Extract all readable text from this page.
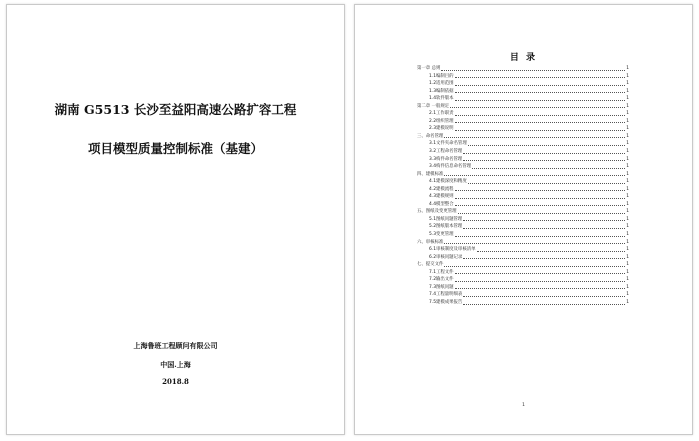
湖南 G5513 长沙至益阳高速公路扩容工程
项目模型质量控制标准（基建）
上海鲁班工程顾问有限公司
中国.上海
2018.8
目 录
第一章 总则	1
1.1编制目的	1
1.2适用范围	1
1.3编制依据	1
1.4软件版本	1
第二章 一般规定	1
2.1工作职责	1
2.2组织管理	1
2.3建模说明	1
三、命名管理	1
3.1文件夹命名管理	1
3.2工程命名管理	1
3.3构件命名管理	1
3.4构件信息命名管理	1
四、建模标准	1
4.1建模深度和精度	1
4.2建模流程	1
4.3建模规则	1
4.4模型整合	1
五、图纸及变更管理	1
5.1图纸问题管理	1
5.2图纸版本管理	1
5.3变更管理	1
六、审核标准	1
6.1审核制度及审核清单	1
6.2审核问题记录	1
七、提交文件	1
7.1工程文件	1
7.2输出文件	1
7.3图纸问题	1
7.4工程量明细表	1
7.5建模成果报告	1
1
